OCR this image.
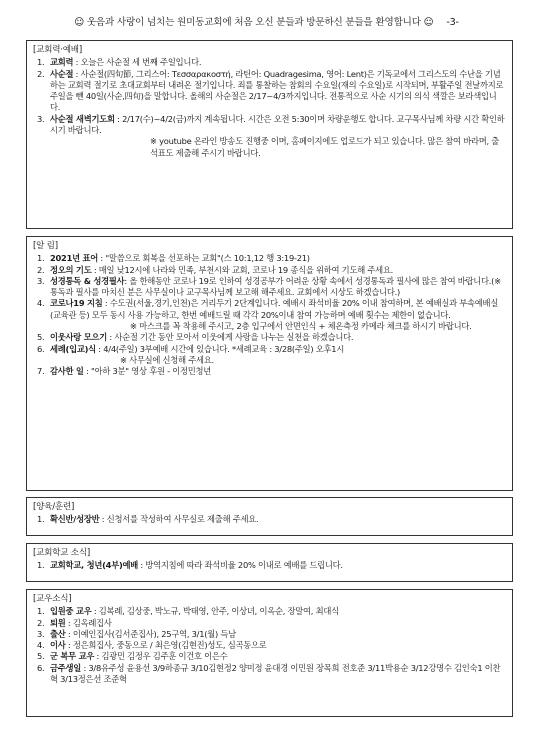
☺ 웃음과 사랑이 넘치는 원미동교회에 처음 오신 분들과 방문하신 분들을 환영합니다 ☺ -3-
[교회력·예배]
1. 교회력 : 오늘은 사순절 세 번째 주일입니다.
2. 사순절 : 사순절(四旬節, 그리스어: Τεσσαρακοστή, 라틴어: Quadragesima, 영어: Lent)은 기독교에서 그리스도의 수난을 기념하는 교회력 절기로 초대교회부터 내려온 절기입니다. 죄를 통찰하는 참회의 수요일(재의 수요일)로 시작되며, 부활주일 전날까지로 주일을 뺀 40일(사순,四旬)을 말합니다. 올해의 사순절은 2/17~4/3까지입니다. 전통적으로 사순 시기의 의식 색깔은 보라색입니다.
3. 사순절 새벽기도회 : 2/17(수)~4/2(금)까지 계속됩니다. 시간은 오전 5:30이며 차량운행도 합니다. 교구목사님께 차량 시간 확인하시기 바랍니다.
※ youtube 온라인 방송도 진행중 이며, 홈페이지에도 업로드가 되고 있습니다. 많은 참여 바라며, 출석표도 제출해 주시기 바랍니다.
[알 림]
1. 2021년 표어 : "말씀으로 회복을 선포하는 교회"(스 10:1,12 행 3:19-21)
2. 정오의 기도 : 매일 낮12시에 나라와 민족, 부천시와 교회, 코로나 19 종식을 위하여 기도해 주세요.
3. 성경통독 & 성경필사: 올 한해동안 코로나 19로 인하여 성경공부가 어려운 상황 속에서 성경통독과 필사에 많은 참여 바랍니다.(※ 통독과 필사를 마치신 분은 사무실이나 교구목사님께 보고해 해주세요. 교회에서 시상도 하겠습니다.)
4. 코로나19 지침 : 수도권(서울,경기,인천)은 거리두기 2단계입니다. 예배시 좌석비율 20% 이내 참여하며, 본 예배실과 부속예배실(교육관 등) 모두 동시 사용 가능하고, 한번 예배드릴 때 각각 20%이내 참여 가능하며 예배 횟수는 제한이 없습니다.
※ 마스크를 꼭 착용해 주시고, 2층 입구에서 안면인식 + 체온측정 카메라 체크를 하시기 바랍니다.
5. 이웃사랑 모으기 : 사순절 기간 동안 모아서 이웃에게 사랑을 나누는 실천을 하겠습니다.
6. 세례(입교)식 : 4/4(주일) 3부예배 시간에 있습니다. *세례교육 : 3/28(주일) 오후1시
※ 사무실에 신청해 주세요.
7. 감사한 일 : "아하 3분" 영상 후원 - 이정민청년
[양육/훈련]
1. 확신반/성장반 : 신청서를 작성하여 사무실로 제출해 주세요.
[교회학교 소식]
1. 교회학교, 청년(4부)예배 : 방역지침에 따라 좌석비율 20% 이내로 예배를 드립니다.
[교우소식]
1. 입원중 교우 : 김복례, 김상중, 박노규, 박태영, 안주, 이상녀, 이옥순, 장말여, 최대식
2. 퇴원 : 김옥례집사
3. 출산 : 이예인집사(김서준집사), 25구역, 3/1(월) 득남
4. 이사 : 정은희집사, 중동으로 / 최은영(김현진)성도, 심곡동으로
5. 군 복무 교우 : 김광민 김정우 김주훈 이건호 이은수
6. 금주생일 : 3/8유주성 윤용선 3/9하종규 3/10김현정2 양미정 윤대경 이민원 장목희 전호준 3/11박용순 3/12강명수 김인숙1 이찬혁 3/13정은선 조준혁
